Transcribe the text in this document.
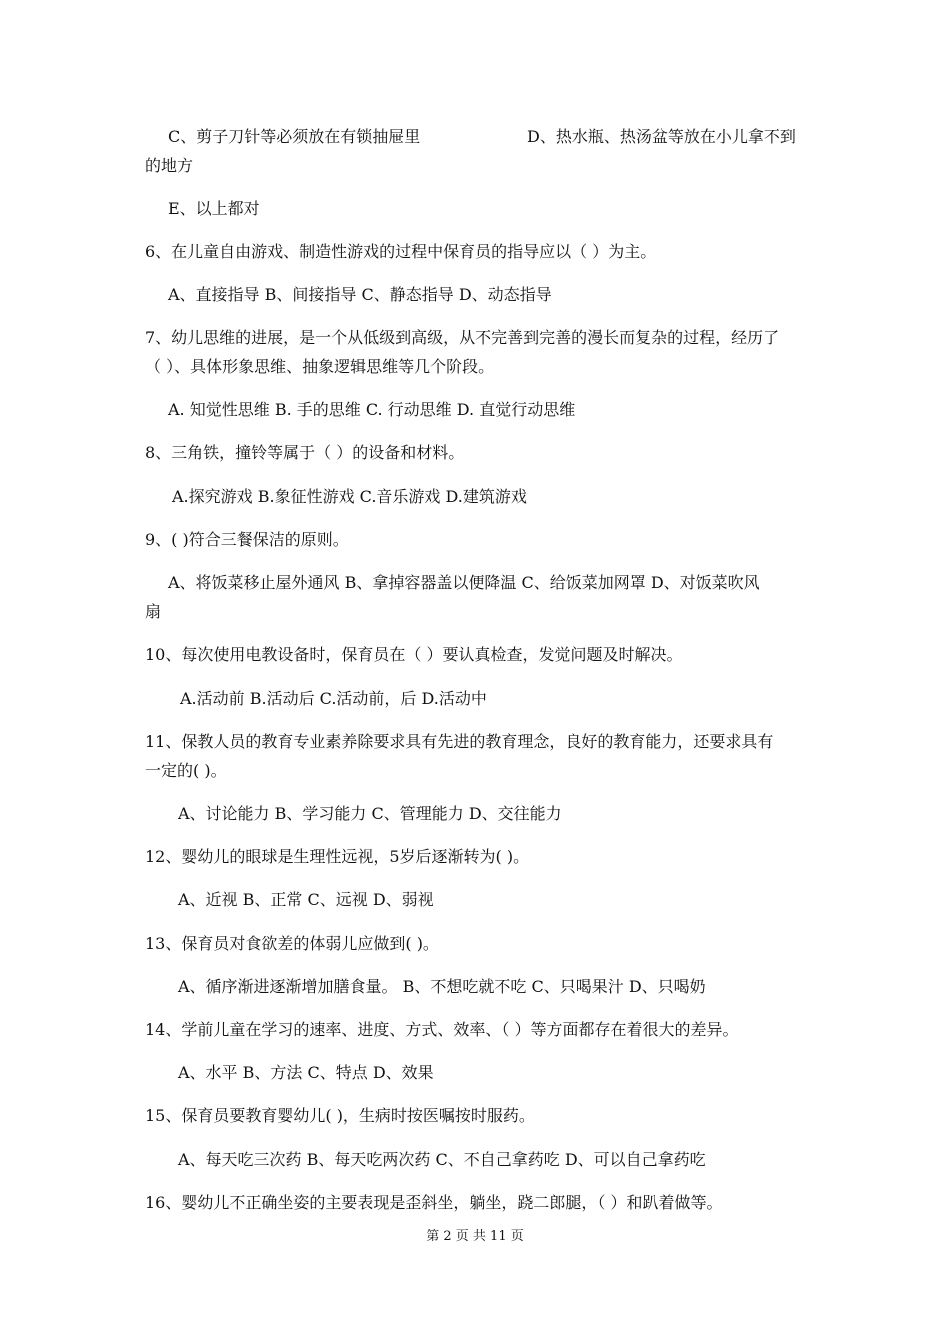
C、剪子刀针等必须放在有锁抽屉里	D、热水瓶、热汤盆等放在小儿拿不到
的地方
E、以上都对
6、在儿童自由游戏、制造性游戏的过程中保育员的指导应以（ ）为主。
A、直接指导 B、间接指导 C、静态指导 D、动态指导
7、幼儿思维的进展，是一个从低级到高级，从不完善到完善的漫长而复杂的过程，经历了
（ ）、具体形象思维、抽象逻辑思维等几个阶段。
A. 知觉性思维 B. 手的思维 C. 行动思维 D. 直觉行动思维
8、三角铁，撞铃等属于（ ）的设备和材料。
A.探究游戏 B.象征性游戏 C.音乐游戏 D.建筑游戏
9、( )符合三餐保洁的原则。
A、将饭菜移止屋外通风 B、拿掉容器盖以便降温 C、给饭菜加网罩 D、对饭菜吹风
扇
10、每次使用电教设备时，保育员在（ ）要认真检查，发觉问题及时解决。
A.活动前 B.活动后 C.活动前，后 D.活动中
11、保教人员的教育专业素养除要求具有先进的教育理念，良好的教育能力，还要求具有
一定的( )。
A、讨论能力 B、学习能力 C、管理能力 D、交往能力
12、婴幼儿的眼球是生理性远视，5岁后逐渐转为( )。
A、近视 B、正常 C、远视 D、弱视
13、保育员对食欲差的体弱儿应做到( )。
A、循序渐进逐渐增加膳食量。 B、不想吃就不吃 C、只喝果汁 D、只喝奶
14、学前儿童在学习的速率、进度、方式、效率、（ ）等方面都存在着很大的差异。
A、水平 B、方法 C、特点 D、效果
15、保育员要教育婴幼儿( )，生病时按医嘱按时服药。
A、每天吃三次药 B、每天吃两次药 C、不自己拿药吃 D、可以自己拿药吃
16、婴幼儿不正确坐姿的主要表现是歪斜坐，躺坐，跷二郎腿，（ ）和趴着做等。
第 2 页 共 11 页
